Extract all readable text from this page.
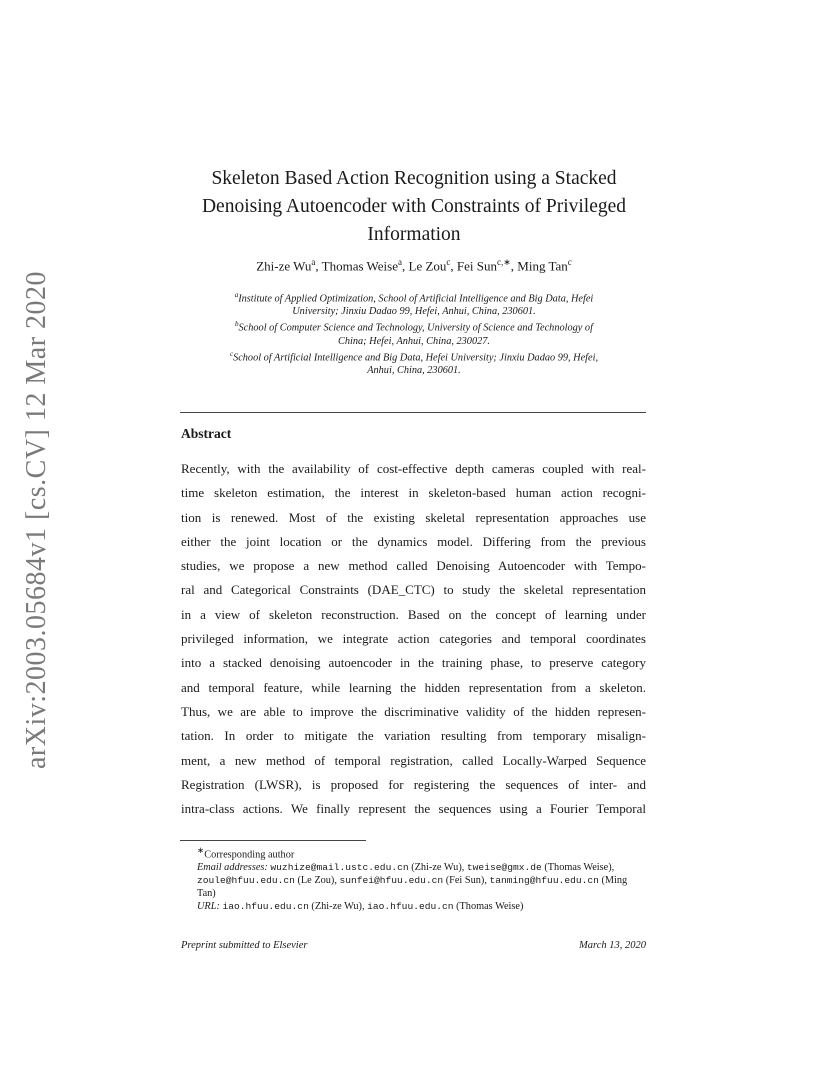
arXiv:2003.05684v1 [cs.CV] 12 Mar 2020
Skeleton Based Action Recognition using a Stacked
Denoising Autoencoder with Constraints of Privileged
Information
Zhi-ze Wu$^a$, Thomas Weise$^a$, Le Zou$^c$, Fei Sun$^{c,∗}$, Ming Tan$^c$
$^a$Institute of Applied Optimization, School of Artificial Intelligence and Big Data, Hefei
University; Jinxiu Dadao 99, Hefei, Anhui, China, 230601.
$^b$School of Computer Science and Technology, University of Science and Technology of
China; Hefei, Anhui, China, 230027.
$^c$School of Artificial Intelligence and Big Data, Hefei University; Jinxiu Dadao 99, Hefei,
Anhui, China, 230601.
Abstract
Recently, with the availability of cost-effective depth cameras coupled with real-
time skeleton estimation, the interest in skeleton-based human action recogni-
tion is renewed. Most of the existing skeletal representation approaches use
either the joint location or the dynamics model. Differing from the previous
studies, we propose a new method called Denoising Autoencoder with Tempo-
ral and Categorical Constraints (DAE_CTC) to study the skeletal representation
in a view of skeleton reconstruction. Based on the concept of learning under
privileged information, we integrate action categories and temporal coordinates
into a stacked denoising autoencoder in the training phase, to preserve category
and temporal feature, while learning the hidden representation from a skeleton.
Thus, we are able to improve the discriminative validity of the hidden represen-
tation. In order to mitigate the variation resulting from temporary misalign-
ment, a new method of temporal registration, called Locally-Warped Sequence
Registration (LWSR), is proposed for registering the sequences of inter- and
intra-class actions. We finally represent the sequences using a Fourier Temporal
∗Corresponding author
Email addresses: wuzhize@mail.ustc.edu.cn (Zhi-ze Wu), tweise@gmx.de (Thomas Weise), zoule@hfuu.edu.cn (Le Zou), sunfei@hfuu.edu.cn (Fei Sun), tanming@hfuu.edu.cn (Ming Tan)
URL: iao.hfuu.edu.cn (Zhi-ze Wu), iao.hfuu.edu.cn (Thomas Weise)
Preprint submitted to Elsevier	March 13, 2020
